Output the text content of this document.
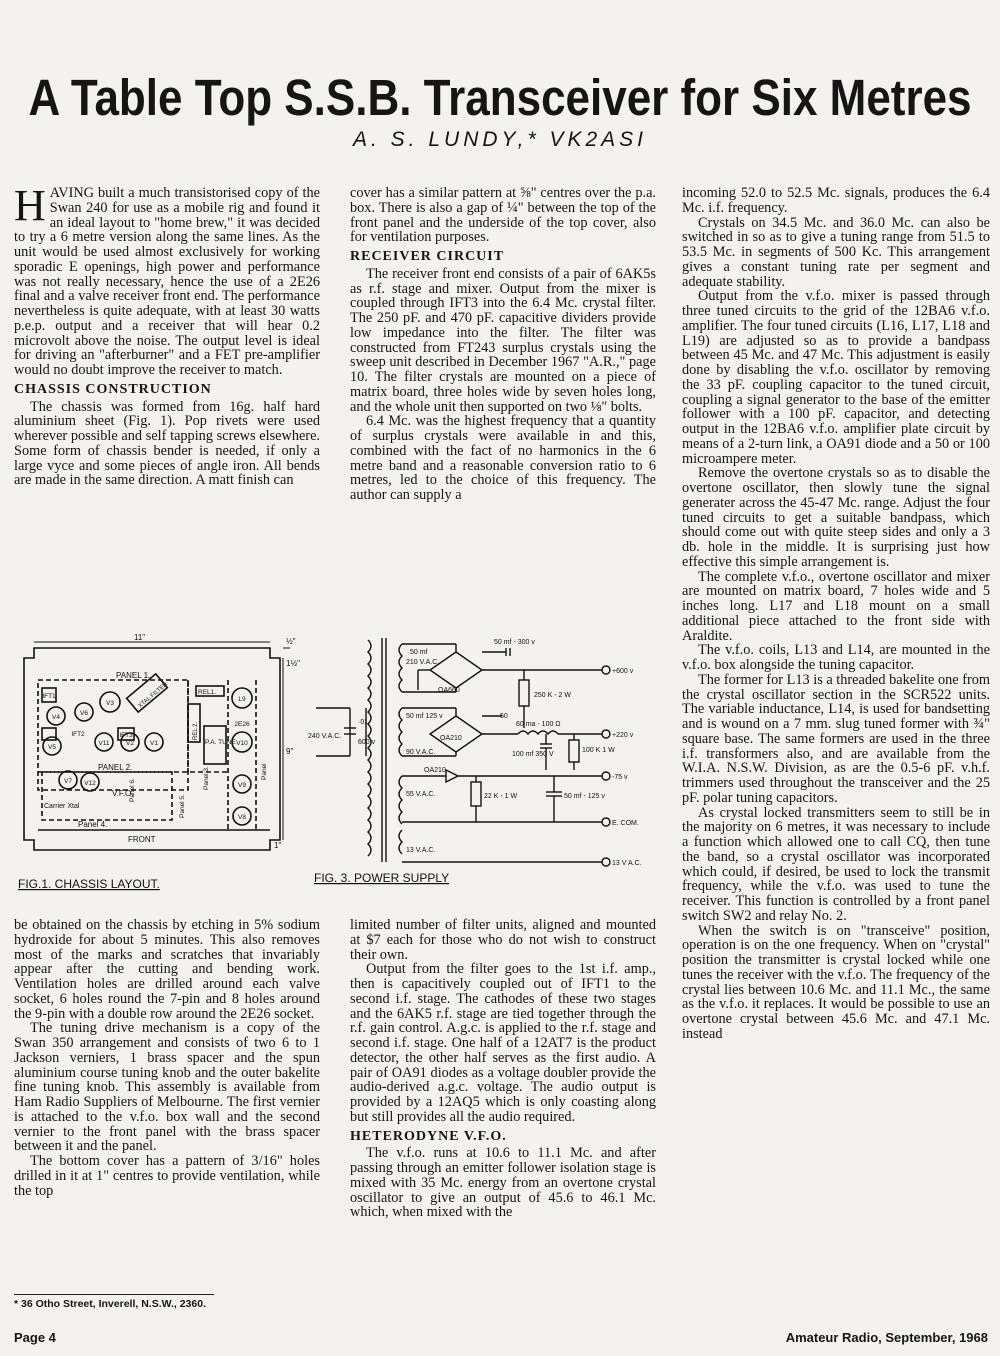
A Table Top S.S.B. Transceiver for Six Metres
A. S. LUNDY,* VK2ASI

HAVING built a much transistorised copy of the Swan 240 for use as a mobile rig and found it an ideal layout to "home brew," it was decided to try a 6 metre version along the same lines. As the unit would be used almost exclusively for working sporadic E openings, high power and performance was not really necessary, hence the use of a 2E26 final and a valve receiver front end. The performance nevertheless is quite adequate, with at least 30 watts p.e.p. output and a receiver that will hear 0.2 microvolt above the noise. The output level is ideal for driving an "afterburner" and a FET pre-amplifier would no doubt improve the receiver to match.

CHASSIS CONSTRUCTION

The chassis was formed from 16g. half hard aluminium sheet (Fig. 1). Pop rivets were used wherever possible and self tapping screws elsewhere. Some form of chassis bender is needed, if only a large vyce and some pieces of angle iron. All bends are made in the same direction. A matt finish can

cover has a similar pattern at ⅝" centres over the p.a. box. There is also a gap of ¼" between the top of the front panel and the underside of the top cover, also for ventilation purposes.

RECEIVER CIRCUIT

The receiver front end consists of a pair of 6AK5s as r.f. stage and mixer. Output from the mixer is coupled through IFT3 into the 6.4 Mc. crystal filter. The 250 pF. and 470 pF. capacitive dividers provide low impedance into the filter. The filter was constructed from FT243 surplus crystals using the sweep unit described in December 1967 "A.R.," page 10. The filter crystals are mounted on a piece of matrix board, three holes wide by seven holes long, and the whole unit then supported on two ⅛" bolts.

6.4 Mc. was the highest frequency that a quantity of surplus crystals were available in and this, combined with the fact of no harmonics in the 6 metre band and a reasonable conversion ratio to 6 metres, led to the choice of this frequency. The author can supply a

incoming 52.0 to 52.5 Mc. signals, produces the 6.4 Mc. i.f. frequency.

Crystals on 34.5 Mc. and 36.0 Mc. can also be switched in so as to give a tuning range from 51.5 to 53.5 Mc. in segments of 500 Kc. This arrangement gives a constant tuning rate per segment and adequate stability.

Output from the v.f.o. mixer is passed through three tuned circuits to the grid of the 12BA6 v.f.o. amplifier. The four tuned circuits (L16, L17, L18 and L19) are adjusted so as to provide a bandpass between 45 Mc. and 47 Mc. This adjustment is easily done by disabling the v.f.o. oscillator by removing the 33 pF. coupling capacitor to the tuned circuit, coupling a signal generator to the base of the emitter follower with a 100 pF. capacitor, and detecting output in the 12BA6 v.f.o. amplifier plate circuit by means of a 2-turn link, a OA91 diode and a 50 or 100 microampere meter.

Remove the overtone crystals so as to disable the overtone oscillator, then slowly tune the signal generater across the 45-47 Mc. range. Adjust the four tuned circuits to get a suitable bandpass, which should come out with quite steep sides and only a 3 db. hole in the middle. It is surprising just how effective this simple arrangement is.

The complete v.f.o., overtone oscillator and mixer are mounted on matrix board, 7 holes wide and 5 inches long. L17 and L18 mount on a small additional piece attached to the front side with Araldite.

The v.f.o. coils, L13 and L14, are mounted in the v.f.o. box alongside the tuning capacitor.

The former for L13 is a threaded bakelite one from the crystal oscillator section in the SCR522 units. The variable inductance, L14, is used for bandsetting and is wound on a 7 mm. slug tuned former with ¾" square base. The same formers are used in the three i.f. transformers also, and are available from the W.I.A. N.S.W. Division, as are the 0.5-6 pF. v.h.f. trimmers used throughout the transceiver and the 25 pF. polar tuning capacitors.

As crystal locked transmitters seem to still be in the majority on 6 metres, it was necessary to include a function which allowed one to call CQ, then tune the band, so a crystal oscillator was incorporated which could, if desired, be used to lock the transmit frequency, while the v.f.o. was used to tune the receiver. This function is controlled by a front panel switch SW2 and relay No. 2.

When the switch is on "transceive" position, operation is on the one frequency. When on "crystal" position the transmitter is crystal locked while one tunes the receiver with the v.f.o. The frequency of the crystal lies between 10.6 Mc. and 11.1 Mc., the same as the v.f.o. it replaces. It would be possible to use an overtone crystal between 45.6 Mc. and 47.1 Mc. instead

11"	½"
1½"
9"
1"
PANEL 1.
PANEL 2.
Panel 4.
FRONT
V.F.O.
Carrier Xtal
REL1.
P.A. TUNE
XTAL FILTER
REL 2.
Panel 5.
Panel 6.
Panel
Panel 3.
IFT1
V4
V6
V3
IFT2	IFT3
V5
V11	V2 V1
L9
2E26
V10
V7 V12	V9
V8
FIG.1. CHASSIS LAYOUT.
240 V.A.C.
·01
600 v
50 mf
210 V.A.C.
50 mf - 300 v
OA660
+600 v
250 K - 2 W
50 mf 125 v	50
60 ma - 100 Ω
90 V.A.C.
OA210	+220 v
100 mf 350 V
100 K 1 W
OA210
55 V.A.C.	22 K - 1 W	50 mf - 125 v
-75 v
E. COM.
13 V.A.C.
13 V A.C.
FIG. 3. POWER SUPPLY

be obtained on the chassis by etching in 5% sodium hydroxide for about 5 minutes. This also removes most of the marks and scratches that invariably appear after the cutting and bending work. Ventilation holes are drilled around each valve socket, 6 holes round the 7-pin and 8 holes around the 9-pin with a double row around the 2E26 socket.

The tuning drive mechanism is a copy of the Swan 350 arrangement and consists of two 6 to 1 Jackson verniers, 1 brass spacer and the spun aluminium course tuning knob and the outer bakelite fine tuning knob. This assembly is available from Ham Radio Suppliers of Melbourne. The first vernier is attached to the v.f.o. box wall and the second vernier to the front panel with the brass spacer between it and the panel.

The bottom cover has a pattern of 3/16" holes drilled in it at 1" centres to provide ventilation, while the top

limited number of filter units, aligned and mounted at $7 each for those who do not wish to construct their own.

Output from the filter goes to the 1st i.f. amp., then is capacitively coupled out of IFT1 to the second i.f. stage. The cathodes of these two stages and the 6AK5 r.f. stage are tied together through the r.f. gain control. A.g.c. is applied to the r.f. stage and second i.f. stage. One half of a 12AT7 is the product detector, the other half serves as the first audio. A pair of OA91 diodes as a voltage doubler provide the audio-derived a.g.c. voltage. The audio output is provided by a 12AQ5 which is only coasting along but still provides all the audio required.

HETERODYNE V.F.O.

The v.f.o. runs at 10.6 to 11.1 Mc. and after passing through an emitter follower isolation stage is mixed with 35 Mc. energy from an overtone crystal oscillator to give an output of 45.6 to 46.1 Mc. which, when mixed with the

* 36 Otho Street, Inverell, N.S.W., 2360.
Page 4	Amateur Radio, September, 1968
